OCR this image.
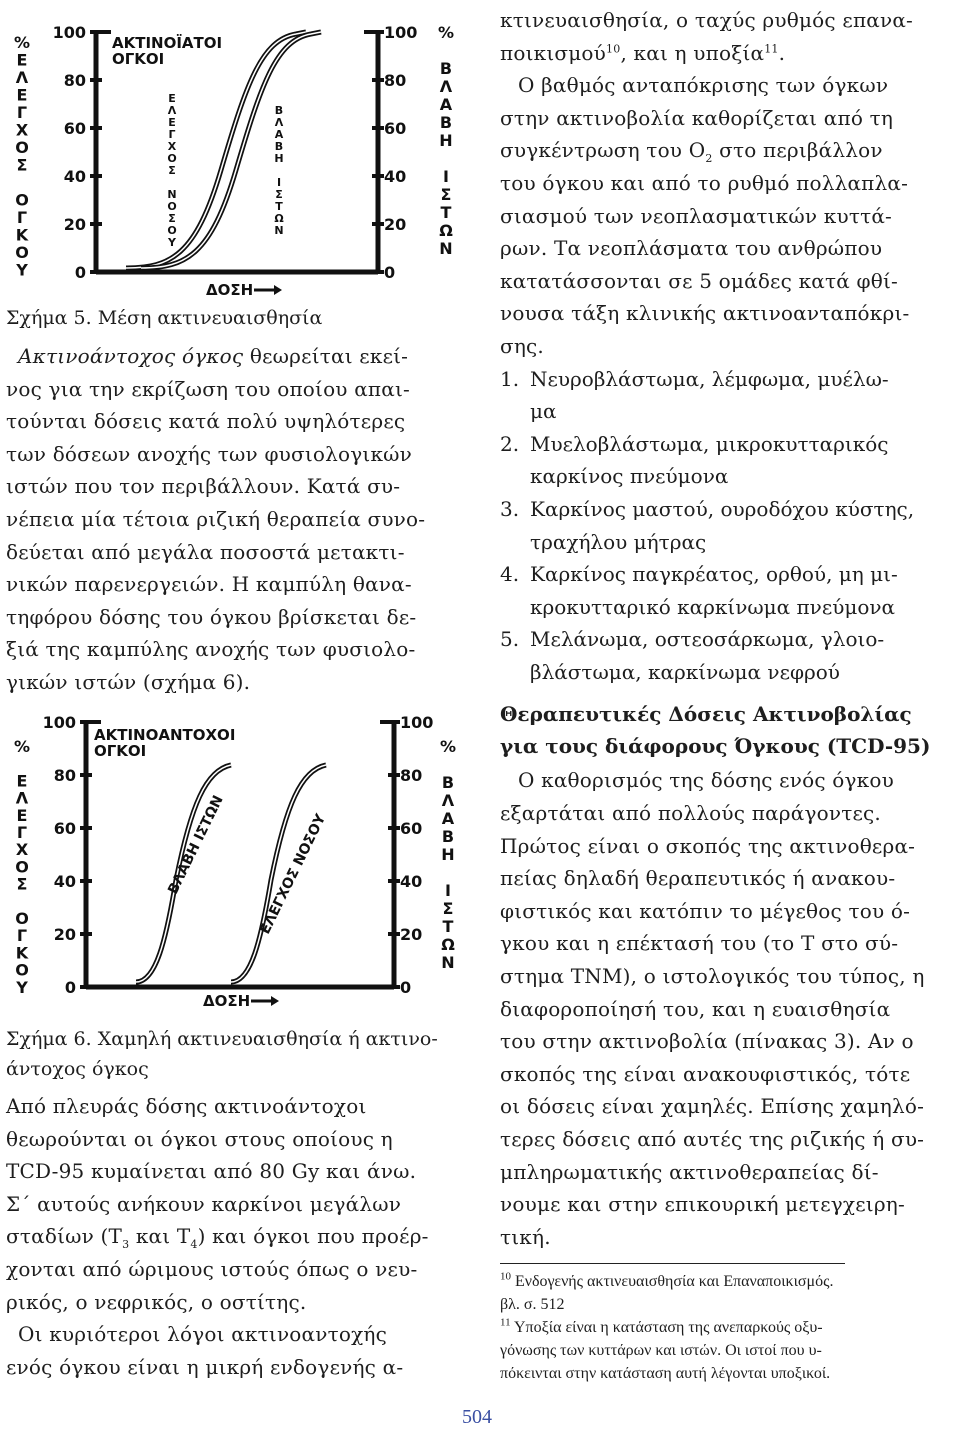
%
Ε
Λ
Ε
Γ
Χ
Ο
Σ
Ο
Γ
Κ
Ο
Υ
100
80
60
40
20
0
100
80
60
40
20
0
%
Β
Λ
Α
Β
Η
Ι
Σ
Τ
Ω
Ν
ΑΚΤΙΝΟΪΑΤΟΙ
ΟΓΚΟΙ
Ε
Λ
Ε
Γ
Χ
Ο
Σ
Ν
Ο
Σ
Ο
Υ
Β
Λ
Α
Β
Η
Ι
Σ
Τ
Ω
Ν
ΔΟΣΗ

Σχήμα 5. Μέση ακτινευαισθησία

Ακτινοάντοχος όγκος θεωρείται εκεί-

νος για την εκρίζωση του οποίου απαι-

τούνται δόσεις κατά πολύ υψηλότερες

των δόσεων ανοχής των φυσιολογικών

ιστών που τον περιβάλλουν. Κατά συ-

νέπεια μία τέτοια ριζική θεραπεία συνο-

δεύεται από μεγάλα ποσοστά μετακτι-

νικών παρενεργειών. Η καμπύλη θανα-

τηφόρου δόσης του όγκου βρίσκεται δε-

ξιά της καμπύλης ανοχής των φυσιολο-

γικών ιστών (σχήμα 6).

%
Ε
Λ
Ε
Γ
Χ
Ο
Σ
Ο
Γ
Κ
Ο
Υ
100
80
60
40
20
0
100
80
60
40
20
0
%
Β
Λ
Α
Β
Η
Ι
Σ
Τ
Ω
Ν
ΑΚΤΙΝΟΑΝΤΟΧΟΙ
ΟΓΚΟΙ
ΒΛΑΒΗ ΙΣΤΩΝ ΕΛΕΓΧΟΣ ΝΟΣΟΥ
ΔΟΣΗ

Σχήμα 6. Χαμηλή ακτινευαισθησία ή ακτινο-
άντοχος όγκος

Από πλευράς δόσης ακτινοάντοχοι

θεωρούνται οι όγκοι στους οποίους η

TCD-95 κυμαίνεται από 80 Gy και άνω.

Σ΄ αυτούς ανήκουν καρκίνοι μεγάλων

σταδίων ($T_3$ και $T_4$) και όγκοι που προέρ-

χονται από ώριμους ιστούς όπως ο νευ-

ρικός, ο νεφρικός, ο οστίτης.

Οι κυριότεροι λόγοι ακτινοαντοχής

ενός όγκου είναι η μικρή ενδογενής α-

κτινευαισθησία, ο ταχύς ρυθμός επανα-

ποικισμού$^{10}$, και η υποξία$^{11}$.

Ο βαθμός ανταπόκρισης των όγκων

στην ακτινοβολία καθορίζεται από τη

συγκέντρωση του $O_2$ στο περιβάλλον

του όγκου και από το ρυθμό πολλαπλα-

σιασμού των νεοπλασματικών κυττά-

ρων. Τα νεοπλάσματα του ανθρώπου

κατατάσσονται σε 5 ομάδες κατά φθί-

νουσα τάξη κλινικής ακτινοανταπόκρι-

σης.

1. Νευροβλάστωμα, λέμφωμα, μυέλω-
μα
2. Μυελοβλάστωμα, μικροκυτταρικός
καρκίνος πνεύμονα
3. Καρκίνος μαστού, ουροδόχου κύστης,
τραχήλου μήτρας
4. Καρκίνος παγκρέατος, ορθού, μη μι-
κροκυτταρικό καρκίνωμα πνεύμονα
5. Μελάνωμα, οστεοσάρκωμα, γλοιο-
βλάστωμα, καρκίνωμα νεφρού
Θεραπευτικές Δόσεις Ακτινοβολίας
για τους διάφορους Όγκους (TCD-95)

Ο καθορισμός της δόσης ενός όγκου

εξαρτάται από πολλούς παράγοντες.

Πρώτος είναι ο σκοπός της ακτινοθερα-

πείας δηλαδή θεραπευτικός ή ανακου-

φιστικός και κατόπιν το μέγεθος του ό-

γκου και η επέκτασή του (το T στο σύ-

στημα TNM), ο ιστολογικός του τύπος, η

διαφοροποίησή του, και η ευαισθησία

του στην ακτινοβολία (πίνακας 3). Αν ο

σκοπός της είναι ανακουφιστικός, τότε

οι δόσεις είναι χαμηλές. Επίσης χαμηλό-

τερες δόσεις από αυτές της ριζικής ή συ-

μπληρωματικής ακτινοθεραπείας δί-

νουμε και στην επικουρική μετεγχειρη-

τική.

$^{10}$ Ενδογενής ακτινευαισθησία και Επαναποικισμός.

βλ. σ. 512

$^{11}$ Υποξία είναι η κατάσταση της ανεπαρκούς οξυ-

γόνωσης των κυττάρων και ιστών. Οι ιστοί που υ-

πόκεινται στην κατάσταση αυτή λέγονται υποξικοί.

504
